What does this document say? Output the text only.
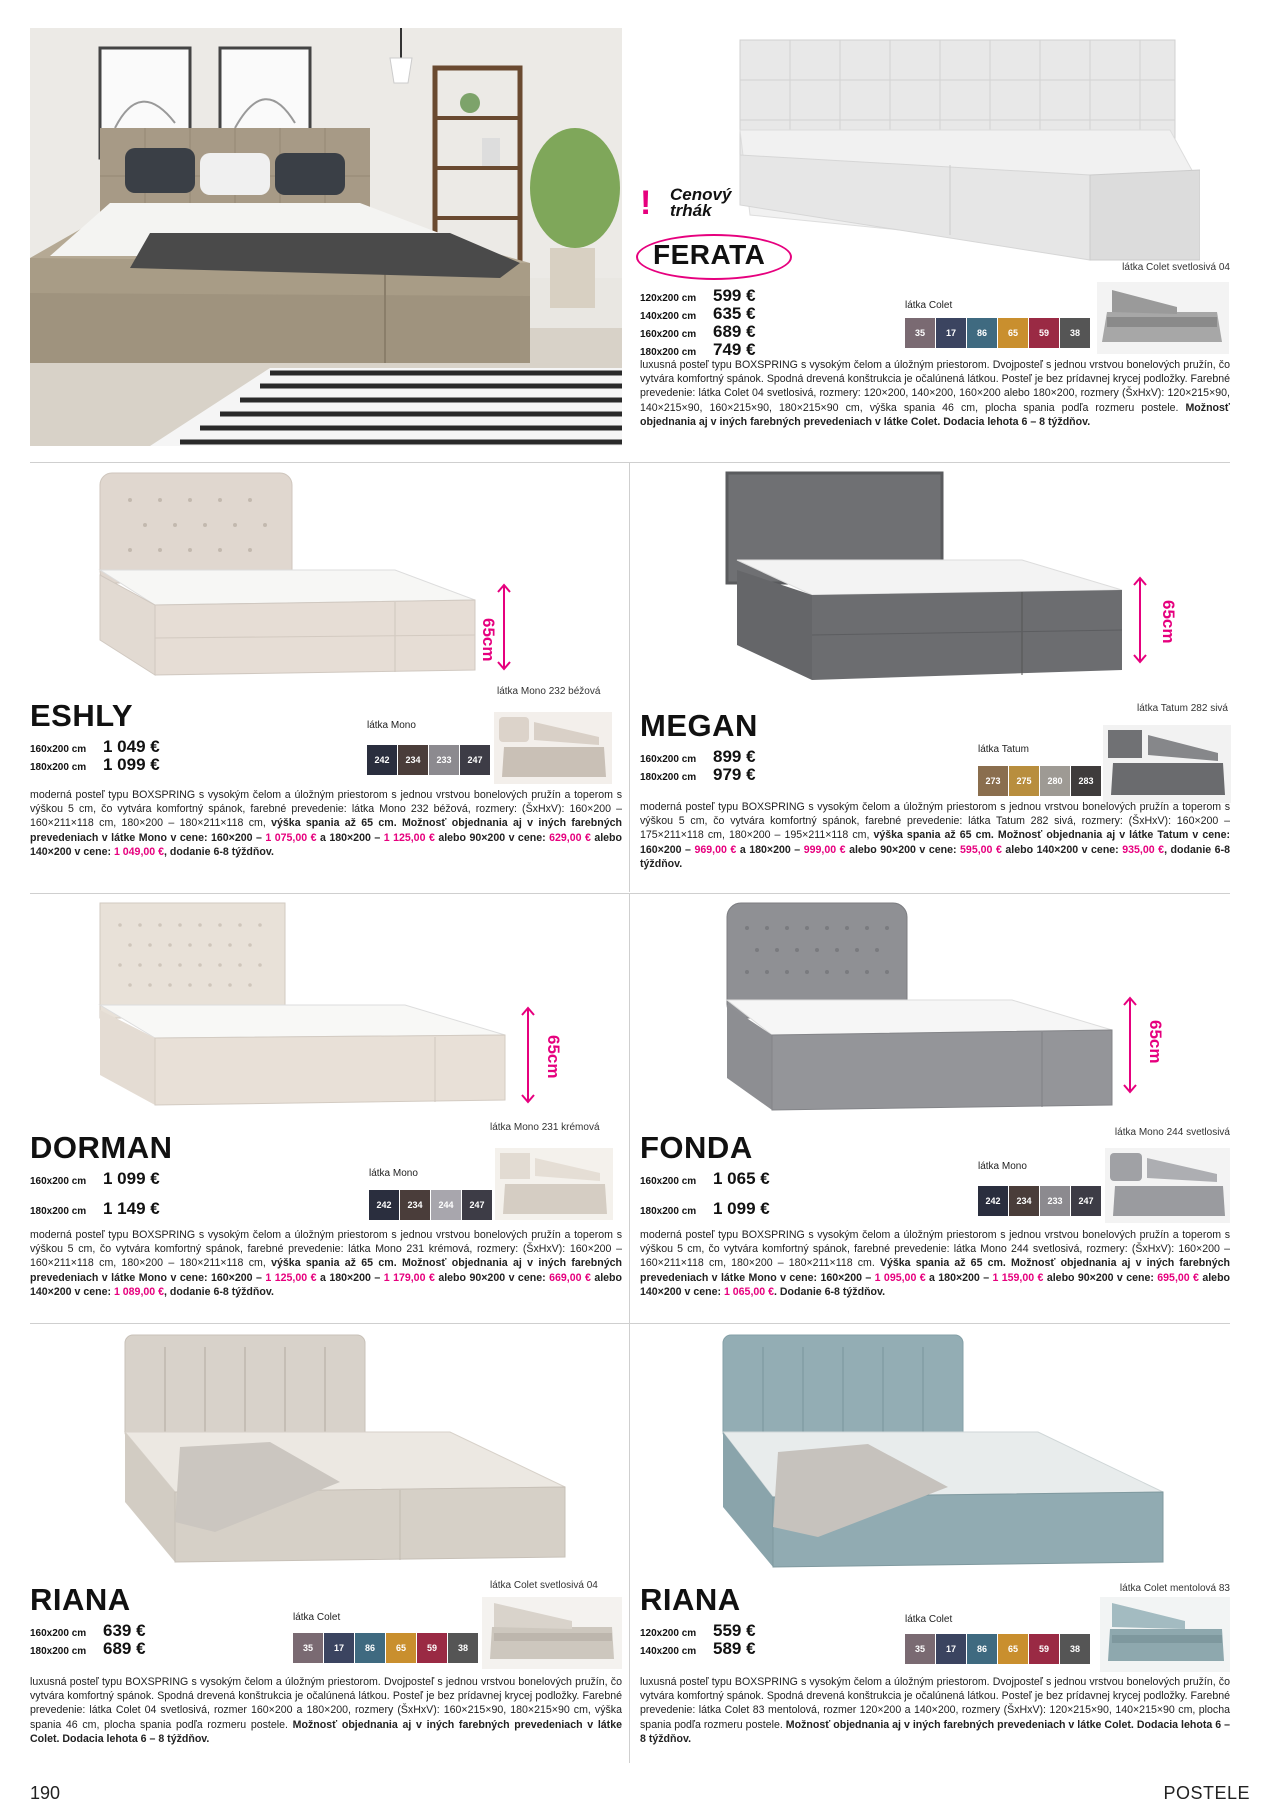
! Cenový
trhák
FERATA
120x200 cm 599 €
140x200 cm 635 €
160x200 cm 689 €
180x200 cm 749 €
látka Colet
35	17	86	65	59	38
látka Colet svetlosivá 04
luxusná posteľ typu BOXSPRING s vysokým čelom a úložným priestorom. Dvojposteľ s jednou vrstvou bonelových pružín, čo vytvára komfortný spánok. Spodná drevená konštrukcia je očalúnená látkou. Posteľ je bez prídavnej krycej podložky. Farebné prevedenie: látka Colet 04 svetlosivá, rozmery: 120×200, 140×200, 160×200 alebo 180×200, rozmery (ŠxHxV): 120×215×90, 140×215×90, 160×215×90, 180×215×90 cm, výška spania 46 cm, plocha spania podľa rozmeru postele. Možnosť objednania aj v iných farebných prevedeniach v látke Colet. Dodacia lehota 6 – 8 týždňov.
65cm
látka Mono 232 béžová
ESHLY
160x200 cm 1 049 €
180x200 cm 1 099 €
látka Mono
242	234	233	247
moderná posteľ typu BOXSPRING s vysokým čelom a úložným priestorom s jednou vrstvou bonelových pružín a toperom s výškou 5 cm, čo vytvára komfortný spánok, farebné prevedenie: látka Mono 232 béžová, rozmery: (ŠxHxV): 160×200 – 160×211×118 cm, 180×200 – 180×211×118 cm, výška spania až 65 cm. Možnosť objednania aj v iných farebných prevedeniach v látke Mono v cene: 160×200 – 1 075,00 € a 180×200 – 1 125,00 € alebo 90×200 v cene: 629,00 € alebo 140×200 v cene: 1 049,00 €, dodanie 6-8 týždňov.
65cm
látka Tatum 282 sivá
MEGAN
160x200 cm 899 €
180x200 cm 979 €
látka Tatum
273	275	280	283
moderná posteľ typu BOXSPRING s vysokým čelom a úložným priestorom s jednou vrstvou bonelových pružín a toperom s výškou 5 cm, čo vytvára komfortný spánok, farebné prevedenie: látka Tatum 282 sivá, rozmery: (ŠxHxV): 160×200 – 175×211×118 cm, 180×200 – 195×211×118 cm, výška spania až 65 cm. Možnosť objednania aj v látke Tatum v cene: 160×200 – 969,00 € a 180×200 – 999,00 € alebo 90×200 v cene: 595,00 € alebo 140×200 v cene: 935,00 €, dodanie 6-8 týždňov.
65cm
látka Mono 231 krémová
DORMAN
160x200 cm 1 099 €
180x200 cm 1 149 €
látka Mono
242	234	244	247
moderná posteľ typu BOXSPRING s vysokým čelom a úložným priestorom s jednou vrstvou bonelových pružín a toperom s výškou 5 cm, čo vytvára komfortný spánok, farebné prevedenie: látka Mono 231 krémová, rozmery: (ŠxHxV): 160×200 – 160×211×118 cm, 180×200 – 180×211×118 cm, výška spania až 65 cm. Možnosť objednania aj v iných farebných prevedeniach v látke Mono v cene: 160×200 – 1 125,00 € a 180×200 – 1 179,00 € alebo 90×200 v cene: 669,00 € alebo 140×200 v cene: 1 089,00 €, dodanie 6-8 týždňov.
65cm
látka Mono 244 svetlosivá
FONDA
160x200 cm 1 065 €
180x200 cm 1 099 €
látka Mono
242	234	233	247
moderná posteľ typu BOXSPRING s vysokým čelom a úložným priestorom s jednou vrstvou bonelových pružín a toperom s výškou 5 cm, čo vytvára komfortný spánok, farebné prevedenie: látka Mono 244 svetlosivá, rozmery: (ŠxHxV): 160×200 – 160×211×118 cm, 180×200 – 180×211×118 cm. Výška spania až 65 cm. Možnosť objednania aj v iných farebných prevedeniach v látke Mono v cene: 160×200 – 1 095,00 € a 180×200 – 1 159,00 € alebo 90×200 v cene: 695,00 € alebo 140×200 v cene: 1 065,00 €. Dodanie 6-8 týždňov.
látka Colet svetlosivá 04
RIANA
160x200 cm 639 €
180x200 cm 689 €
látka Colet
35	17	86	65	59	38
luxusná posteľ typu BOXSPRING s vysokým čelom a úložným priestorom. Dvojposteľ s jednou vrstvou bonelových pružín, čo vytvára komfortný spánok. Spodná drevená konštrukcia je očalúnená látkou. Posteľ je bez prídavnej krycej podložky. Farebné prevedenie: látka Colet 04 svetlosivá, rozmer 160×200 a 180×200, rozmery (ŠxHxV): 160×215×90, 180×215×90 cm, výška spania 46 cm, plocha spania podľa rozmeru postele. Možnosť objednania aj v iných farebných prevedeniach v látke Colet. Dodacia lehota 6 – 8 týždňov.
látka Colet mentolová 83
RIANA
120x200 cm 559 €
140x200 cm 589 €
látka Colet
35	17	86	65	59	38
luxusná posteľ typu BOXSPRING s vysokým čelom a úložným priestorom. Dvojposteľ s jednou vrstvou bonelových pružín, čo vytvára komfortný spánok. Spodná drevená konštrukcia je očalúnená látkou. Posteľ je bez prídavnej krycej podložky. Farebné prevedenie: látka Colet 83 mentolová, rozmer 120×200 a 140×200, rozmery (ŠxHxV): 120×215×90, 140×215×90 cm, plocha spania podľa rozmeru postele. Možnosť objednania aj v iných farebných prevedeniach v látke Colet. Dodacia lehota 6 – 8 týždňov.
190	POSTELE
